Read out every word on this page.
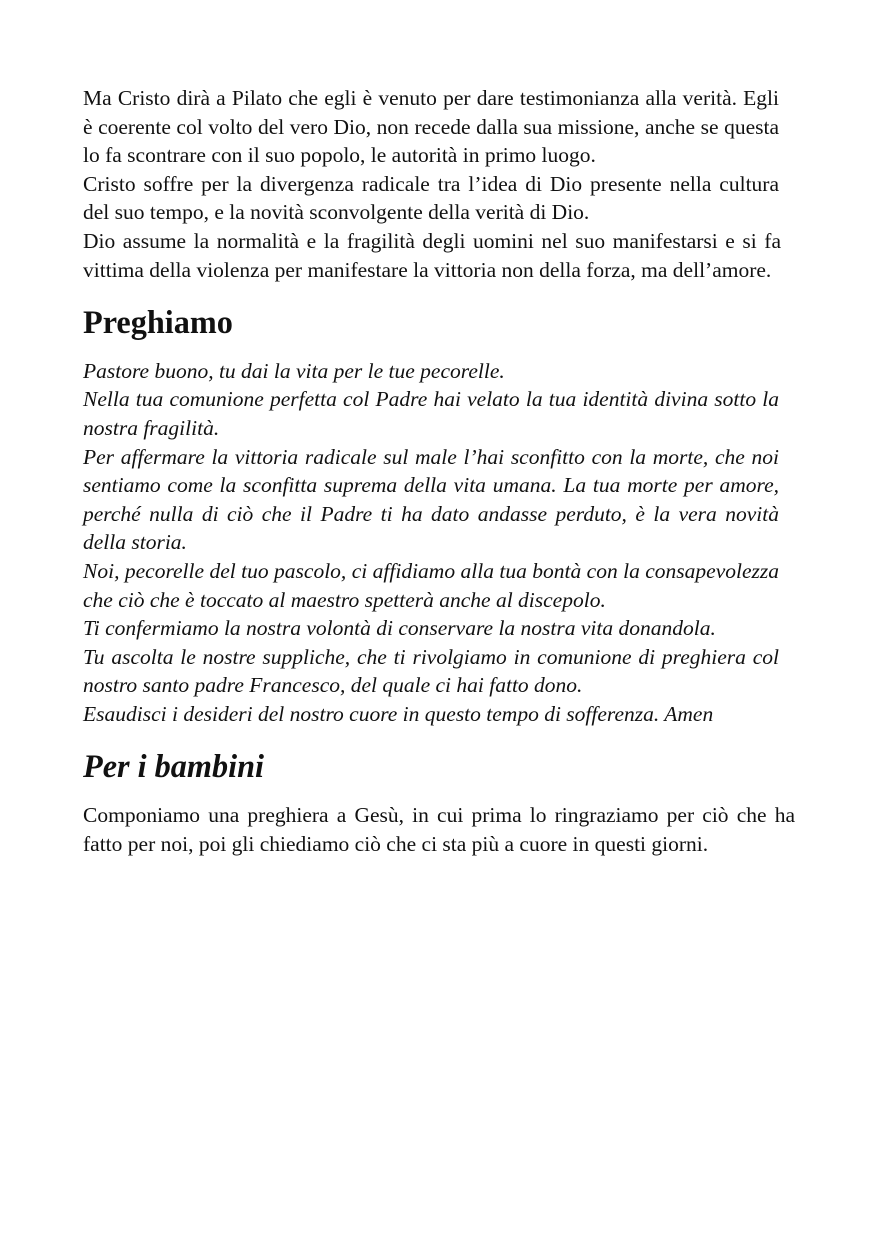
Ma Cristo dirà a Pilato che egli è venuto per dare testimonianza alla verità. Egli è coerente col volto del vero Dio, non recede dalla sua missione, anche se questa lo fa scontrare con il suo popolo, le autorità in primo luogo.

Cristo soffre per la divergenza radicale tra l’idea di Dio presente nella cultura del suo tempo, e la novità sconvolgente della verità di Dio.

Dio assume la normalità e la fragilità degli uomini nel suo manifestarsi e si fa vittima della violenza per manifestare la vittoria non della forza, ma dell’amore.

Preghiamo

Pastore buono, tu dai la vita per le tue pecorelle.

Nella tua comunione perfetta col Padre hai velato la tua identità divina sotto la nostra fragilità.

Per affermare la vittoria radicale sul male l’hai sconfitto con la morte, che noi sentiamo come la sconfitta suprema della vita umana. La tua morte per amore, perché nulla di ciò che il Padre ti ha dato andasse perduto, è la vera novità della storia.

Noi, pecorelle del tuo pascolo, ci affidiamo alla tua bontà con la consapevolezza che ciò che è toccato al maestro spetterà anche al discepolo.

Ti confermiamo la nostra volontà di conservare la nostra vita donandola.

Tu ascolta le nostre suppliche, che ti rivolgiamo in comunione di preghiera col nostro santo padre Francesco, del quale ci hai fatto dono.

Esaudisci i desideri del nostro cuore in questo tempo di sofferenza. Amen

Per i bambini

Componiamo una preghiera a Gesù, in cui prima lo ringraziamo per ciò che ha fatto per noi, poi gli chiediamo ciò che ci sta più a cuore in questi giorni.
